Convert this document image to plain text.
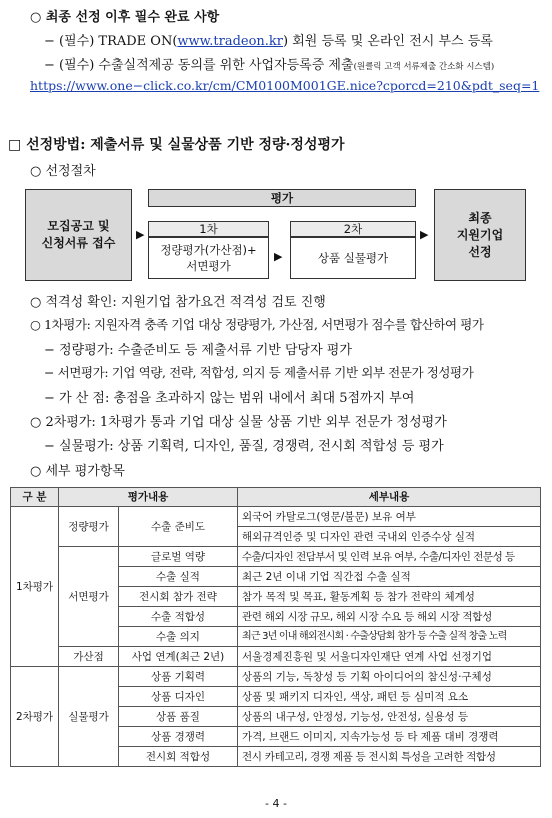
○ 최종 선정 이후 필수 완료 사항
− (필수) TRADE ON(www.tradeon.kr) 회원 등록 및 온라인 전시 부스 등록
− (필수) 수출실적제공 동의를 위한 사업자등록증 제출(원클릭 고객 서류제출 간소화 시스템)
https://www.one−click.co.kr/cm/CM0100M001GE.nice?cporcd=210&pdt_seq=1
□ 선정방법: 제출서류 및 실물상품 기반 정량·정성평가
○ 선정절차
모집공고 및
신청서류 접수
▶
평가
1차
정량평가(가산점)+
서면평가
▶
2차
상품 실물평가
▶
최종
지원기업
선정
○ 적격성 확인: 지원기업 참가요건 적격성 검토 진행
○ 1차평가: 지원자격 충족 기업 대상 정량평가, 가산점, 서면평가 점수를 합산하여 평가
− 정량평가: 수출준비도 등 제출서류 기반 담당자 평가
− 서면평가: 기업 역량, 전략, 적합성, 의지 등 제출서류 기반 외부 전문가 정성평가
− 가 산 점: 총점을 초과하지 않는 범위 내에서 최대 5점까지 부여
○ 2차평가: 1차평가 통과 기업 대상 실물 상품 기반 외부 전문가 정성평가
− 실물평가: 상품 기획력, 디자인, 품질, 경쟁력, 전시회 적합성 등 평가
○ 세부 평가항목
구 분	평가내용		세부내용
1차평가	정량평가	수출 준비도	외국어 카탈로그(영문/불문) 보유 여부
			해외규격인증 및 디자인 관련 국내외 인증수상 실적
	서면평가	글로벌 역량	수출/디자인 전담부서 및 인력 보유 여부, 수출/디자인 전문성 등
		수출 실적	최근 2년 이내 기업 직간접 수출 실적
		전시회 참가 전략	참가 목적 및 목표, 활동계획 등 참가 전략의 체계성
		수출 적합성	관련 해외 시장 규모, 해외 시장 수요 등 해외 시장 적합성
		수출 의지	최근 3년 이내 해외전시회 · 수출상담회 참가 등 수출 실적 창출 노력
	가산점	사업 연계(최근 2년)	서울경제진흥원 및 서울디자인재단 연계 사업 선정기업
2차평가	실물평가	상품 기획력	상품의 기능, 독창성 등 기획 아이디어의 참신성·구체성
		상품 디자인	상품 및 패키지 디자인, 색상, 패턴 등 심미적 요소
		상품 품질	상품의 내구성, 안정성, 기능성, 안전성, 실용성 등
		상품 경쟁력	가격, 브랜드 이미지, 지속가능성 등 타 제품 대비 경쟁력
		전시회 적합성	전시 카테고리, 경쟁 제품 등 전시회 특성을 고려한 적합성
- 4 -
